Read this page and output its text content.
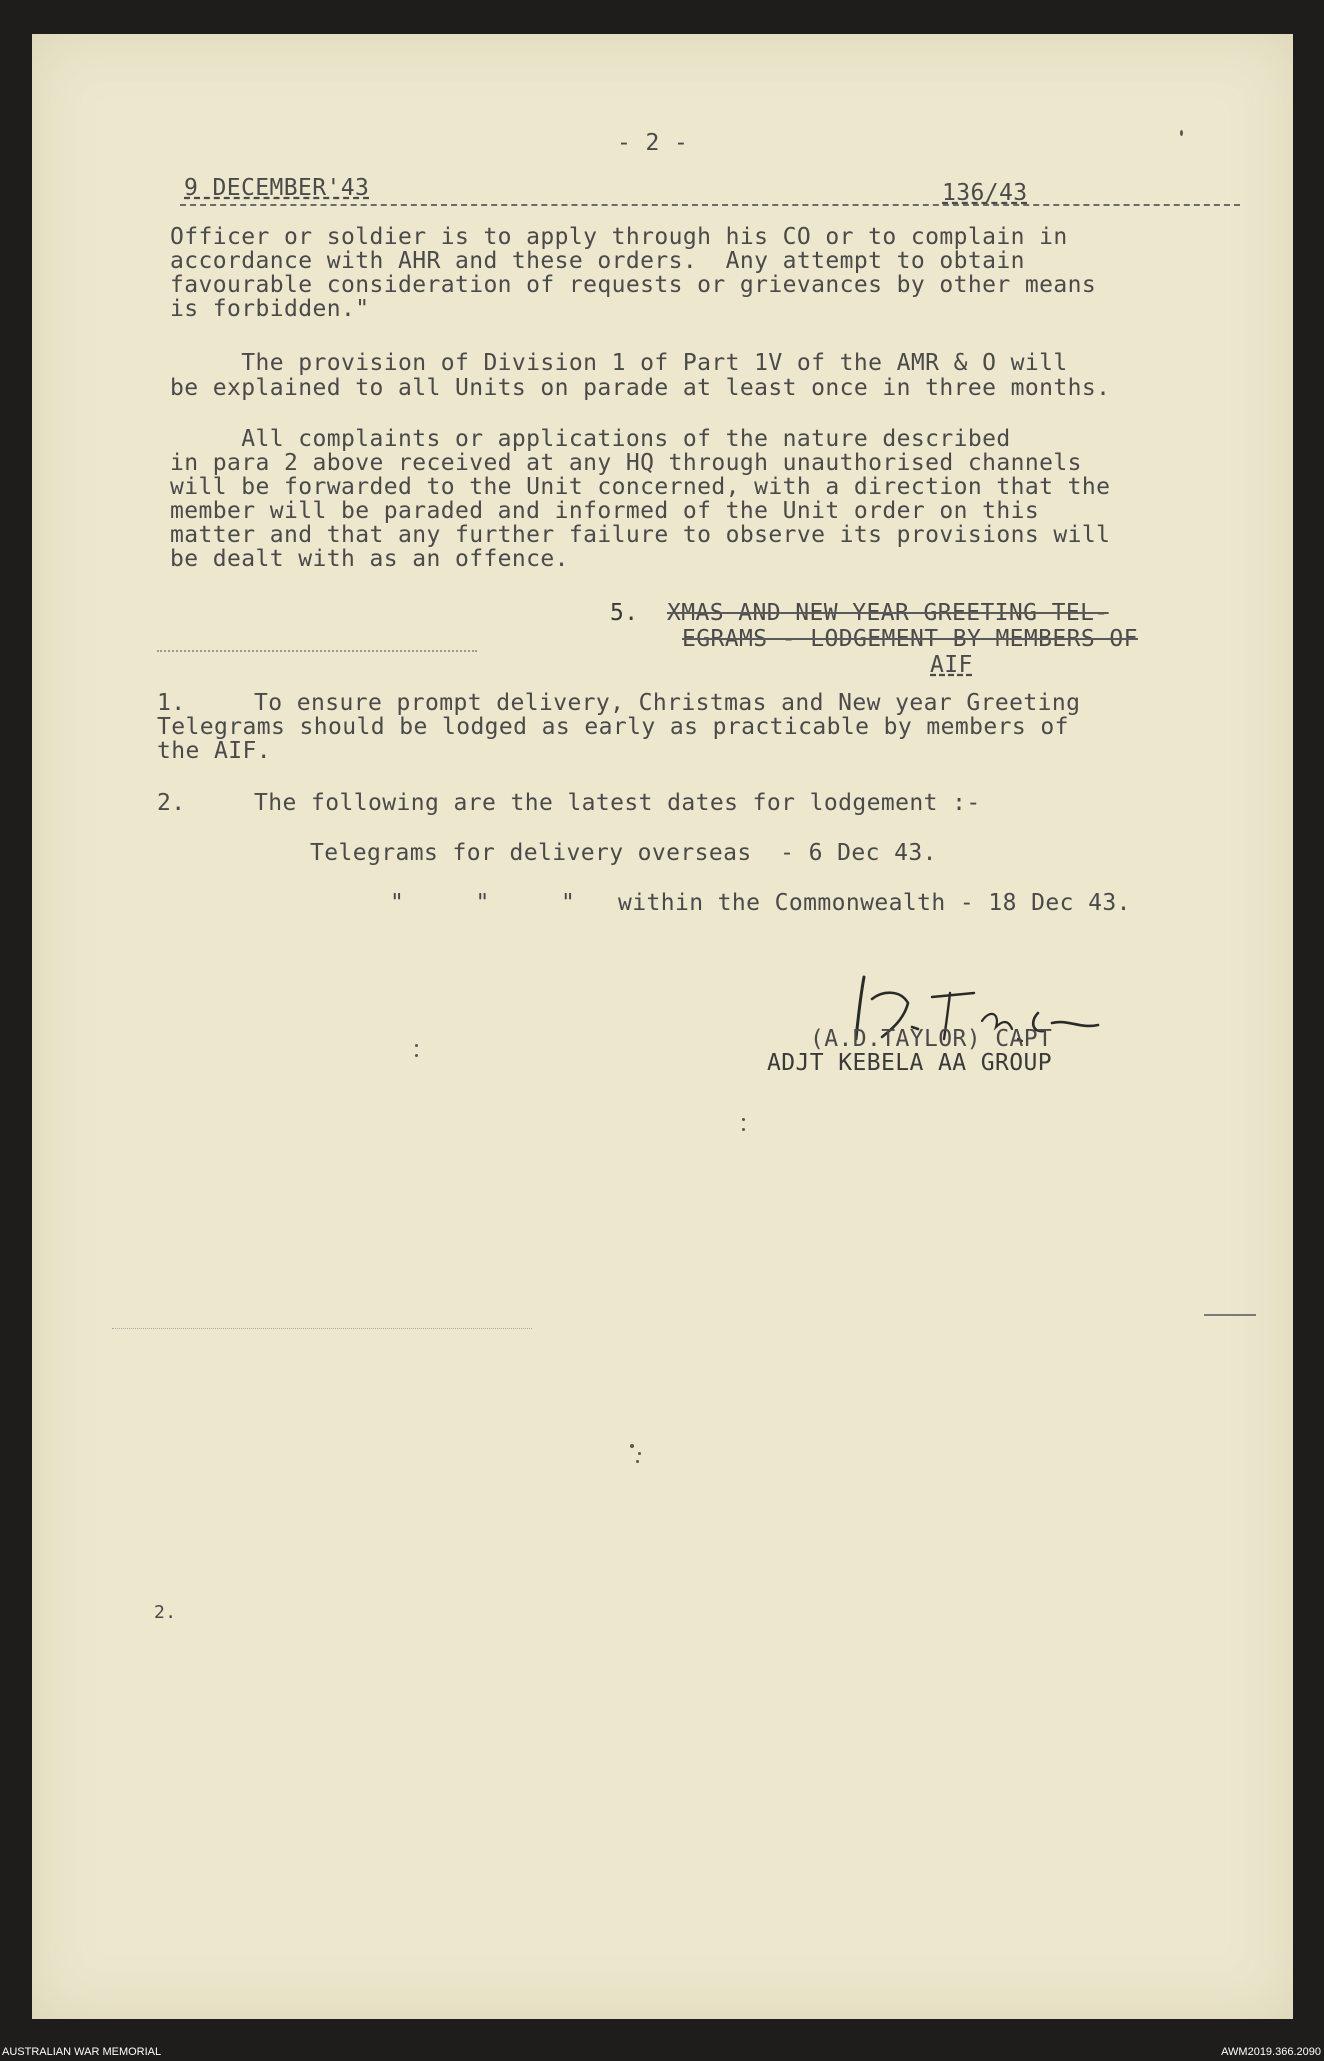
- 2 -
9 DECEMBER'43	136/43
Officer or soldier is to apply through his CO or to complain in
accordance with AHR and these orders.  Any attempt to obtain
favourable consideration of requests or grievances by other means
is forbidden."
The provision of Division 1 of Part 1V of the AMR & O will
be explained to all Units on parade at least once in three months.
All complaints or applications of the nature described
in para 2 above received at any HQ through unauthorised channels
will be forwarded to the Unit concerned, with a direction that the
member will be paraded and informed of the Unit order on this
matter and that any further failure to observe its provisions will
be dealt with as an offence.
5. XMAS AND NEW YEAR GREETING TEL-
EGRAMS - LODGEMENT BY MEMBERS OF
AIF
1.	To ensure prompt delivery, Christmas and New year Greeting
Telegrams should be lodged as early as practicable by members of
the AIF.
2.	The following are the latest dates for lodgement :-
Telegrams for delivery overseas  - 6 Dec 43.
"     "     "   within the Commonwealth - 18 Dec 43.
(A.D.TAYLOR) CAPT
ADJT KEBELA AA GROUP
2.
AUSTRALIAN WAR MEMORIAL	AWM2019.366.2090
